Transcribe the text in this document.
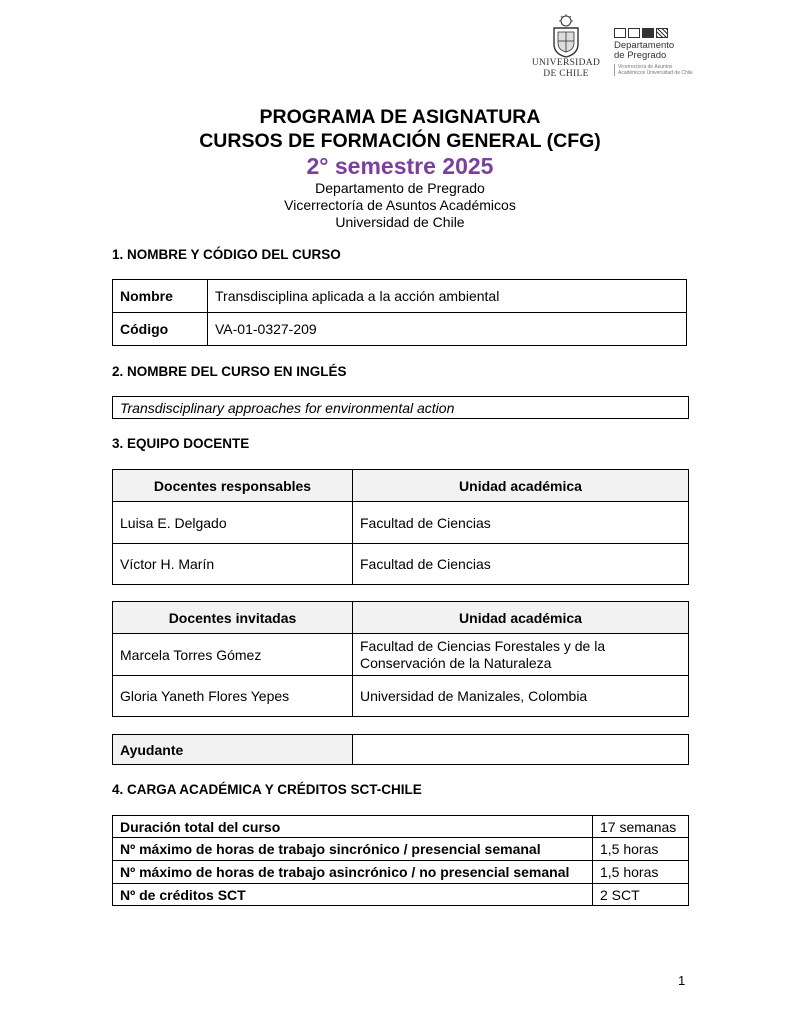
UNIVERSIDAD
DE CHILE
Departamento
de Pregrado
Vicerrectoría de Asuntos Académicos Universidad de Chile
PROGRAMA DE ASIGNATURA
CURSOS DE FORMACIÓN GENERAL (CFG)
2° semestre 2025
Departamento de Pregrado
Vicerrectoría de Asuntos Académicos
Universidad de Chile
1. NOMBRE Y CÓDIGO DEL CURSO
Nombre	Transdisciplina aplicada a la acción ambiental
Código	VA-01-0327-209
2. NOMBRE DEL CURSO EN INGLÉS
Transdisciplinary approaches for environmental action
3. EQUIPO DOCENTE
Docentes responsables	Unidad académica
Luisa E. Delgado	Facultad de Ciencias
Víctor H. Marín	Facultad de Ciencias
Docentes invitadas	Unidad académica
Marcela Torres Gómez	Facultad de Ciencias Forestales y de la Conservación de la Naturaleza
Gloria Yaneth Flores Yepes	Universidad de Manizales, Colombia
Ayudante	
4. CARGA ACADÉMICA Y CRÉDITOS SCT-CHILE
Duración total del curso	17 semanas
Nº máximo de horas de trabajo sincrónico / presencial semanal	1,5 horas
Nº máximo de horas de trabajo asincrónico / no presencial semanal	1,5 horas
Nº de créditos SCT	2 SCT
1
